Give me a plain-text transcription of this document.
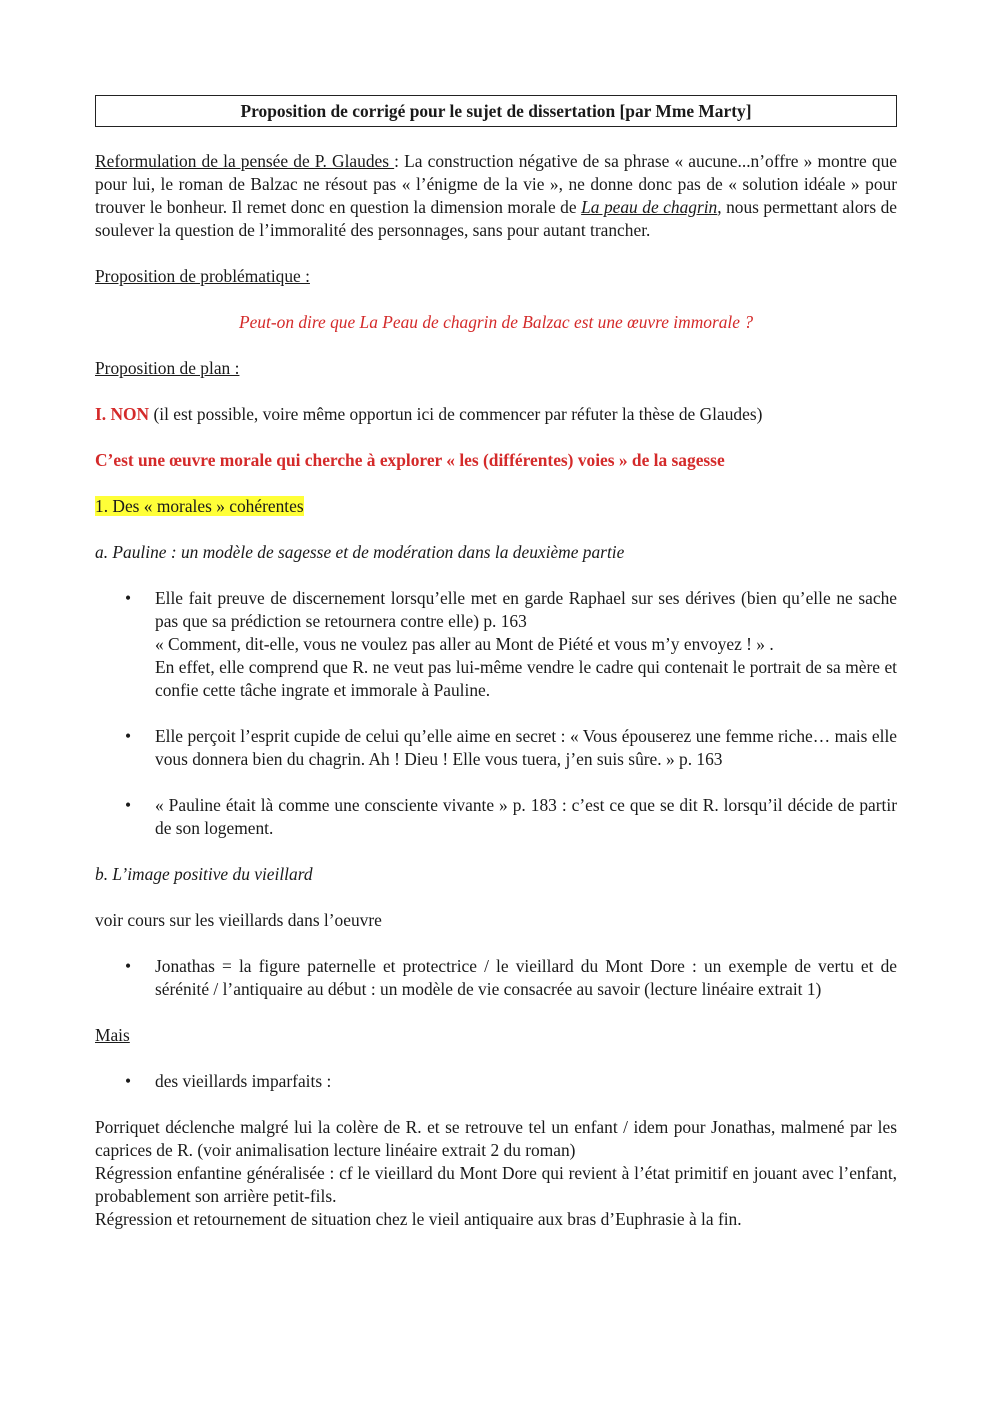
Proposition de corrigé pour le sujet de dissertation [par Mme Marty]

Reformulation de la pensée de P. Glaudes : La construction négative de sa phrase « aucune...n’offre » montre que pour lui, le roman de Balzac ne résout pas « l’énigme de la vie », ne donne donc pas de « solution idéale » pour trouver le bonheur. Il remet donc en question la dimension morale de La peau de chagrin, nous permettant alors de soulever la question de l’immoralité des personnages, sans pour autant trancher.

Proposition de problématique :

Peut-on dire que La Peau de chagrin de Balzac est une œuvre immorale ?

Proposition de plan :

I. NON (il est possible, voire même opportun ici de commencer par réfuter la thèse de Glaudes)

C’est une œuvre morale qui cherche à explorer « les (différentes) voies » de la sagesse

1. Des « morales » cohérentes

a. Pauline : un modèle de sagesse et de modération dans la deuxième partie

• Elle fait preuve de discernement lorsqu’elle met en garde Raphael sur ses dérives (bien qu’elle ne sache pas que sa prédiction se retournera contre elle) p. 163
« Comment, dit-elle, vous ne voulez pas aller au Mont de Piété et vous m’y envoyez ! » .
En effet, elle comprend que R. ne veut pas lui-même vendre le cadre qui contenait le portrait de sa mère et confie cette tâche ingrate et immorale à Pauline.
• Elle perçoit l’esprit cupide de celui qu’elle aime en secret : « Vous épouserez une femme riche… mais elle vous donnera bien du chagrin. Ah ! Dieu ! Elle vous tuera, j’en suis sûre. » p. 163
• « Pauline était là comme une consciente vivante » p. 183 : c’est ce que se dit R. lorsqu’il décide de partir de son logement.

b. L’image positive du vieillard

voir cours sur les vieillards dans l’oeuvre

• Jonathas = la figure paternelle et protectrice / le vieillard du Mont Dore : un exemple de vertu et de sérénité / l’antiquaire au début : un modèle de vie consacrée au savoir (lecture linéaire extrait 1)

Mais

• des vieillards imparfaits :

Porriquet déclenche malgré lui la colère de R. et se retrouve tel un enfant / idem pour Jonathas, malmené par les caprices de R. (voir animalisation lecture linéaire extrait 2 du roman)

Régression enfantine généralisée : cf le vieillard du Mont Dore qui revient à l’état primitif en jouant avec l’enfant, probablement son arrière petit-fils.

Régression et retournement de situation chez le vieil antiquaire aux bras d’Euphrasie à la fin.
